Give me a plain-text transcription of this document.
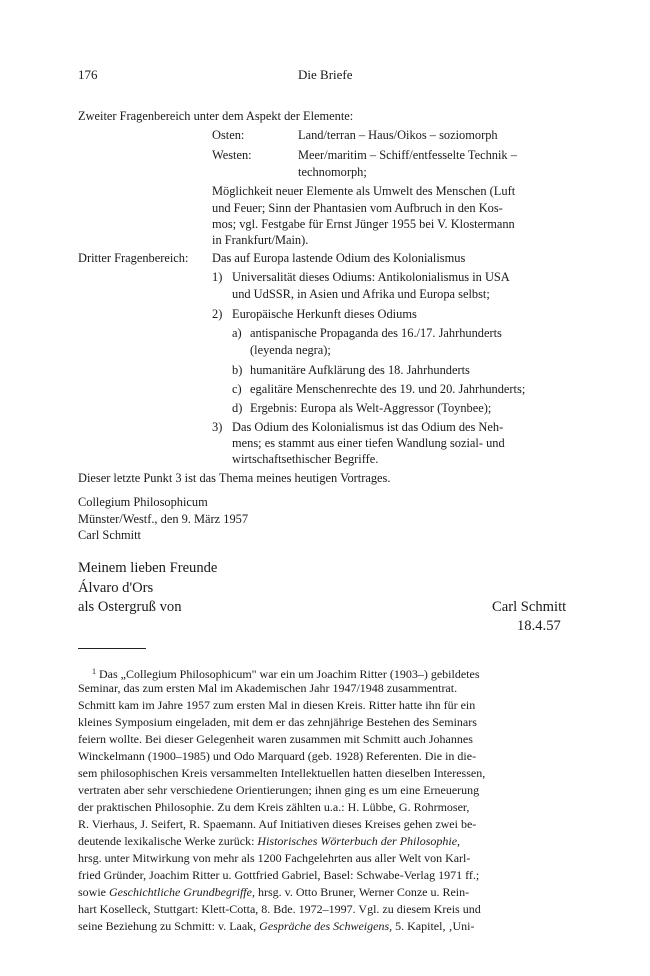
176	Die Briefe
Zweiter Fragenbereich unter dem Aspekt der Elemente:
Osten:	Land/terran – Haus/Oikos – soziomorph
Westen:	Meer/maritim – Schiff/entfesselte Technik –
technomorph;
Möglichkeit neuer Elemente als Umwelt des Menschen (Luft
und Feuer; Sinn der Phantasien vom Aufbruch in den Kos-
mos; vgl. Festgabe für Ernst Jünger 1955 bei V. Klostermann
in Frankfurt/Main).
Dritter Fragenbereich: Das auf Europa lastende Odium des Kolonialismus
1) Universalität dieses Odiums: Antikolonialismus in USA
und UdSSR, in Asien und Afrika und Europa selbst;
2) Europäische Herkunft dieses Odiums
a) antispanische Propaganda des 16./17. Jahrhunderts
(leyenda negra);
b) humanitäre Aufklärung des 18. Jahrhunderts
c) egalitäre Menschenrechte des 19. und 20. Jahrhunderts;
d) Ergebnis: Europa als Welt-Aggressor (Toynbee);
3) Das Odium des Kolonialismus ist das Odium des Neh-
mens; es stammt aus einer tiefen Wandlung sozial- und
wirtschaftsethischer Begriffe.
Dieser letzte Punkt 3 ist das Thema meines heutigen Vortrages.
Collegium Philosophicum
Münster/Westf., den 9. März 1957
Carl Schmitt
Meinem lieben Freunde
Álvaro d'Ors
als Ostergruß von	Carl Schmitt
18.4.57
$^1$ Das „Collegium Philosophicum" war ein um Joachim Ritter (1903–) gebildetes
Seminar, das zum ersten Mal im Akademischen Jahr 1947/1948 zusammentrat.
Schmitt kam im Jahre 1957 zum ersten Mal in diesen Kreis. Ritter hatte ihn für ein
kleines Symposium eingeladen, mit dem er das zehnjährige Bestehen des Seminars
feiern wollte. Bei dieser Gelegenheit waren zusammen mit Schmitt auch Johannes
Winckelmann (1900–1985) und Odo Marquard (geb. 1928) Referenten. Die in die-
sem philosophischen Kreis versammelten Intellektuellen hatten dieselben Interessen,
vertraten aber sehr verschiedene Orientierungen; ihnen ging es um eine Erneuerung
der praktischen Philosophie. Zu dem Kreis zählten u.a.: H. Lübbe, G. Rohrmoser,
R. Vierhaus, J. Seifert, R. Spaemann. Auf Initiativen dieses Kreises gehen zwei be-
deutende lexikalische Werke zurück: Historisches Wörterbuch der Philosophie,
hrsg. unter Mitwirkung von mehr als 1200 Fachgelehrten aus aller Welt von Karl-
fried Gründer, Joachim Ritter u. Gottfried Gabriel, Basel: Schwabe-Verlag 1971 ff.;
sowie Geschichtliche Grundbegriffe, hrsg. v. Otto Bruner, Werner Conze u. Rein-
hart Koselleck, Stuttgart: Klett-Cotta, 8. Bde. 1972–1997. Vgl. zu diesem Kreis und
seine Beziehung zu Schmitt: v. Laak, Gespräche des Schweigens, 5. Kapitel, ‚Uni-
